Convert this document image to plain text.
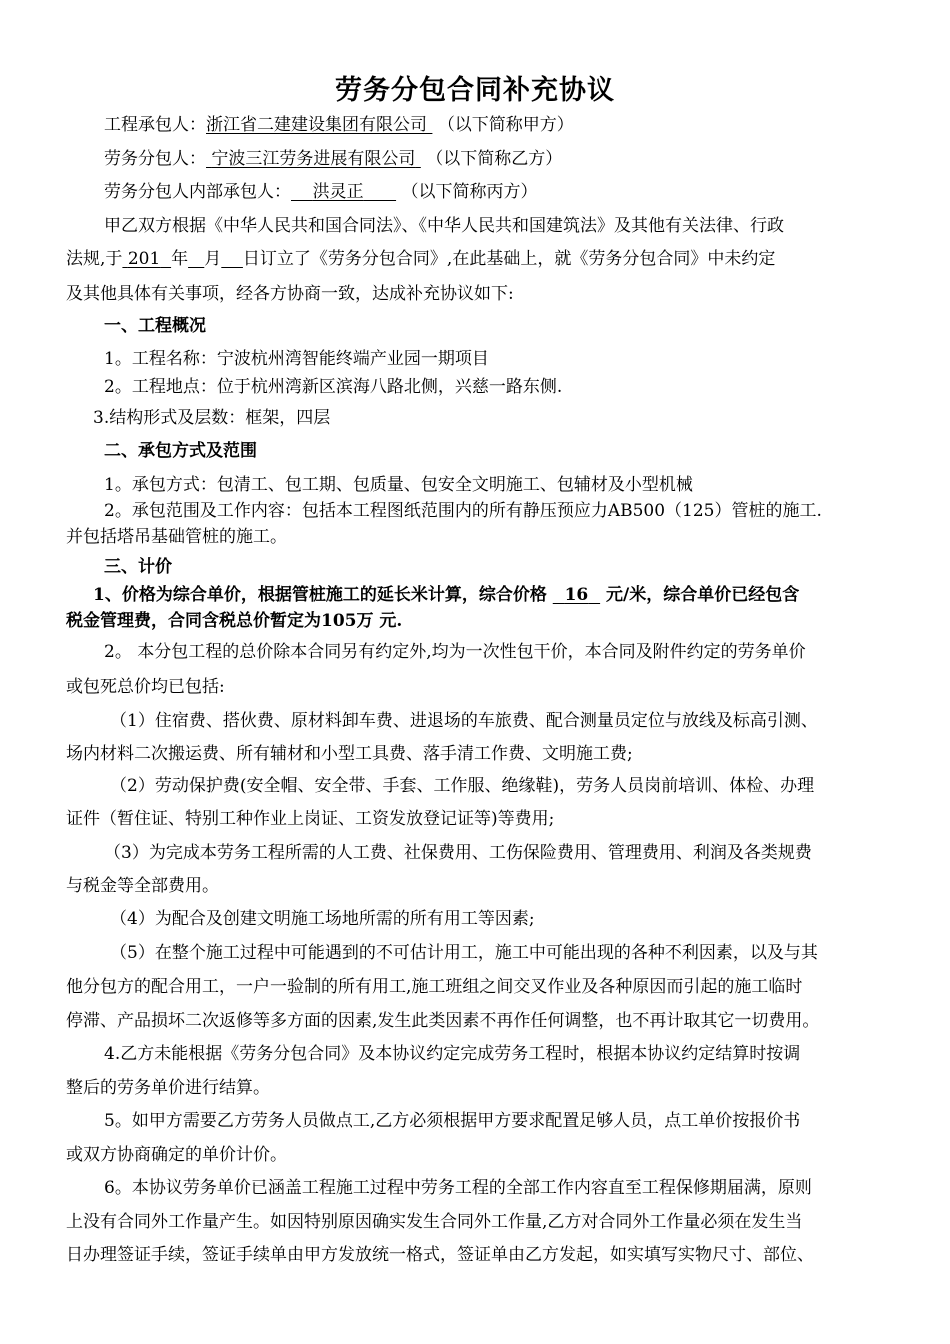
劳务分包合同补充协议
工程承包人：浙江省二建建设集团有限公司 （以下简称甲方）
劳务分包人： 宁波三江劳务进展有限公司 （以下简称乙方）
劳务分包人内部承包人： 洪灵正 （以下简称丙方）
甲乙双方根据《中华人民共和国合同法》、《中华人民共和国建筑法》及其他有关法律、行政
法规,于 201 年 月 日订立了《劳务分包合同》,在此基础上，就《劳务分包合同》中未约定
及其他具体有关事项，经各方协商一致，达成补充协议如下:
一、工程概况
1。工程名称：宁波杭州湾智能终端产业园一期项目
2。工程地点：位于杭州湾新区滨海八路北侧，兴慈一路东侧.
3.结构形式及层数：框架，四层
二、承包方式及范围
1。承包方式：包清工、包工期、包质量、包安全文明施工、包辅材及小型机械
2。承包范围及工作内容：包括本工程图纸范围内的所有静压预应力AB500（125）管桩的施工.
并包括塔吊基础管桩的施工。
三、计价
1、价格为综合单价，根据管桩施工的延长米计算，综合价格 16 元/米，综合单价已经包含
税金管理费，合同含税总价暂定为105万 元.
2。 本分包工程的总价除本合同另有约定外,均为一次性包干价，本合同及附件约定的劳务单价
或包死总价均已包括:
（1）住宿费、搭伙费、原材料卸车费、进退场的车旅费、配合测量员定位与放线及标高引测、
场内材料二次搬运费、所有辅材和小型工具费、落手清工作费、文明施工费;
（2）劳动保护费(安全帽、安全带、手套、工作服、绝缘鞋)，劳务人员岗前培训、体检、办理
证件（暂住证、特别工种作业上岗证、工资发放登记证等)等费用;
（3）为完成本劳务工程所需的人工费、社保费用、工伤保险费用、管理费用、利润及各类规费
与税金等全部费用。
（4）为配合及创建文明施工场地所需的所有用工等因素;
（5）在整个施工过程中可能遇到的不可估计用工，施工中可能出现的各种不利因素，以及与其
他分包方的配合用工，一户一验制的所有用工,施工班组之间交叉作业及各种原因而引起的施工临时
停滞、产品损坏二次返修等多方面的因素,发生此类因素不再作任何调整，也不再计取其它一切费用。
4.乙方未能根据《劳务分包合同》及本协议约定完成劳务工程时，根据本协议约定结算时按调
整后的劳务单价进行结算。
5。如甲方需要乙方劳务人员做点工,乙方必须根据甲方要求配置足够人员，点工单价按报价书
或双方协商确定的单价计价。
6。本协议劳务单价已涵盖工程施工过程中劳务工程的全部工作内容直至工程保修期届满，原则
上没有合同外工作量产生。如因特别原因确实发生合同外工作量,乙方对合同外工作量必须在发生当
日办理签证手续，签证手续单由甲方发放统一格式，签证单由乙方发起，如实填写实物尺寸、部位、
